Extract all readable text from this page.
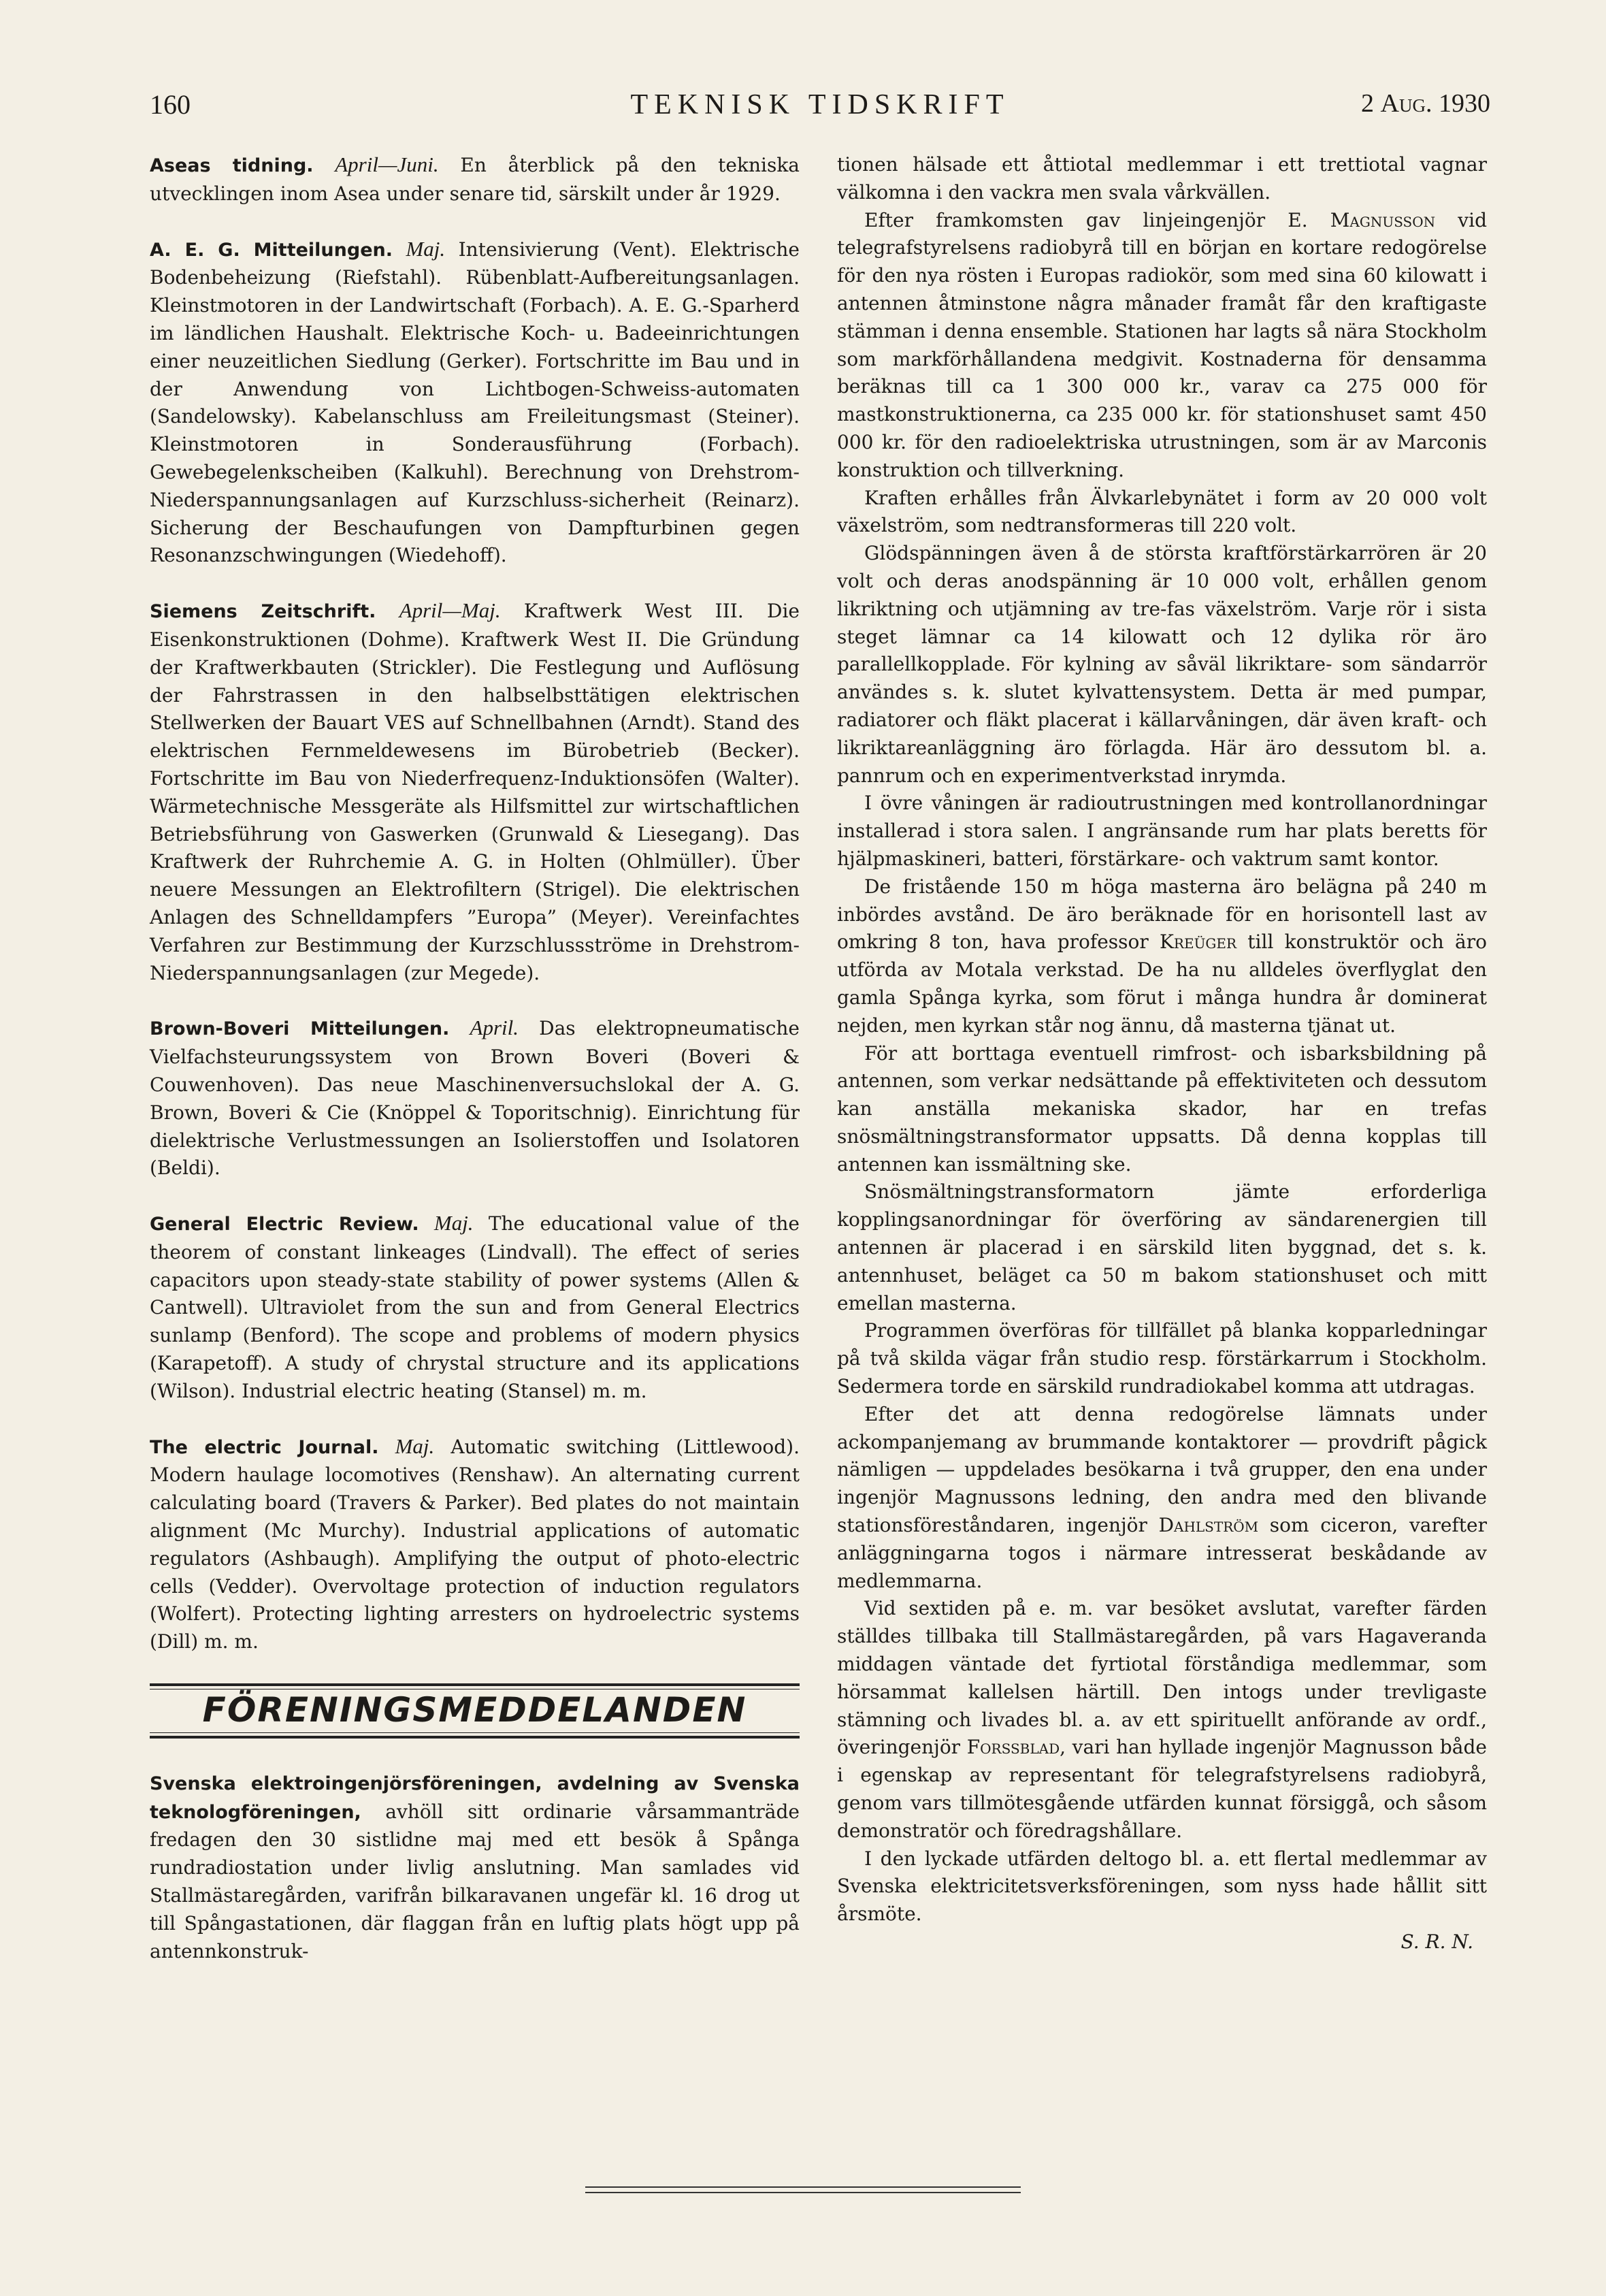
160	TEKNISK TIDSKRIFT	2 Aug. 1930

Aseas tidning. April—Juni. En återblick på den tekniska utvecklingen inom Asea under senare tid, särskilt under år 1929.

A. E. G. Mitteilungen. Maj. Intensivierung (Vent). Elektrische Bodenbeheizung (Riefstahl). Rübenblatt-Aufbereitungsanlagen. Kleinstmotoren in der Landwirtschaft (Forbach). A. E. G.-Sparherd im ländlichen Haushalt. Elektrische Koch- u. Badeeinrichtungen einer neuzeitlichen Siedlung (Gerker). Fortschritte im Bau und in der Anwendung von Lichtbogen-Schweiss-automaten (Sandelowsky). Kabelanschluss am Freileitungsmast (Steiner). Kleinstmotoren in Sonderausführung (Forbach). Gewebegelenkscheiben (Kalkuhl). Berechnung von Drehstrom-Niederspannungsanlagen auf Kurzschluss-sicherheit (Reinarz). Sicherung der Beschaufungen von Dampfturbinen gegen Resonanzschwingungen (Wiedehoff).

Siemens Zeitschrift. April—Maj. Kraftwerk West III. Die Eisenkonstruktionen (Dohme). Kraftwerk West II. Die Gründung der Kraftwerkbauten (Strickler). Die Festlegung und Auflösung der Fahrstrassen in den halbselbsttätigen elektrischen Stellwerken der Bauart VES auf Schnellbahnen (Arndt). Stand des elektrischen Fernmeldewesens im Bürobetrieb (Becker). Fortschritte im Bau von Niederfrequenz-Induktionsöfen (Walter). Wärmetechnische Messgeräte als Hilfsmittel zur wirtschaftlichen Betriebsführung von Gaswerken (Grunwald & Liesegang). Das Kraftwerk der Ruhrchemie A. G. in Holten (Ohlmüller). Über neuere Messungen an Elektrofiltern (Strigel). Die elektrischen Anlagen des Schnelldampfers ”Europa” (Meyer). Vereinfachtes Verfahren zur Bestimmung der Kurzschlussströme in Drehstrom-Niederspannungsanlagen (zur Megede).

Brown-Boveri Mitteilungen. April. Das elektropneumatische Vielfachsteurungssystem von Brown Boveri (Boveri & Couwenhoven). Das neue Maschinenversuchslokal der A. G. Brown, Boveri & Cie (Knöppel & Toporitschnig). Einrichtung für dielektrische Verlustmessungen an Isolierstoffen und Isolatoren (Beldi).

General Electric Review. Maj. The educational value of the theorem of constant linkeages (Lindvall). The effect of series capacitors upon steady-state stability of power systems (Allen & Cantwell). Ultraviolet from the sun and from General Electrics sunlamp (Benford). The scope and problems of modern physics (Karapetoff). A study of chrystal structure and its applications (Wilson). Industrial electric heating (Stansel) m. m.

The electric Journal. Maj. Automatic switching (Littlewood). Modern haulage locomotives (Renshaw). An alternating current calculating board (Travers & Parker). Bed plates do not maintain alignment (Mc Murchy). Industrial applications of automatic regulators (Ashbaugh). Amplifying the output of photo-electric cells (Vedder). Overvoltage protection of induction regulators (Wolfert). Protecting lighting arresters on hydroelectric systems (Dill) m. m.

FÖRENINGSMEDDELANDEN

Svenska elektroingenjörsföreningen, avdelning av Svenska teknologföreningen, avhöll sitt ordinarie vårsammanträde fredagen den 30 sistlidne maj med ett besök å Spånga rundradiostation under livlig anslutning. Man samlades vid Stallmästaregården, varifrån bilkaravanen ungefär kl. 16 drog ut till Spångastationen, där flaggan från en luftig plats högt upp på antennkonstruk-

tionen hälsade ett åttiotal medlemmar i ett trettiotal vagnar välkomna i den vackra men svala vårkvällen.

Efter framkomsten gav linjeingenjör E. Magnusson vid telegrafstyrelsens radiobyrå till en början en kortare redogörelse för den nya rösten i Europas radiokör, som med sina 60 kilowatt i antennen åtminstone några månader framåt får den kraftigaste stämman i denna ensemble. Stationen har lagts så nära Stockholm som markförhållandena medgivit. Kostnaderna för densamma beräknas till ca 1 300 000 kr., varav ca 275 000 för mastkonstruktionerna, ca 235 000 kr. för stationshuset samt 450 000 kr. för den radioelektriska utrustningen, som är av Marconis konstruktion och tillverkning.

Kraften erhålles från Älvkarlebynätet i form av 20 000 volt växelström, som nedtransformeras till 220 volt.

Glödspänningen även å de största kraftförstärkarrören är 20 volt och deras anodspänning är 10 000 volt, erhållen genom likriktning och utjämning av tre-fas växelström. Varje rör i sista steget lämnar ca 14 kilowatt och 12 dylika rör äro parallellkopplade. För kylning av såväl likriktare- som sändarrör användes s. k. slutet kylvattensystem. Detta är med pumpar, radiatorer och fläkt placerat i källarvåningen, där även kraft- och likriktareanläggning äro förlagda. Här äro dessutom bl. a. pannrum och en experimentverkstad inrymda.

I övre våningen är radioutrustningen med kontrollanordningar installerad i stora salen. I angränsande rum har plats beretts för hjälpmaskineri, batteri, förstärkare- och vaktrum samt kontor.

De fristående 150 m höga masterna äro belägna på 240 m inbördes avstånd. De äro beräknade för en horisontell last av omkring 8 ton, hava professor Kreüger till konstruktör och äro utförda av Motala verkstad. De ha nu alldeles överflyglat den gamla Spånga kyrka, som förut i många hundra år dominerat nejden, men kyrkan står nog ännu, då masterna tjänat ut.

För att borttaga eventuell rimfrost- och isbarksbildning på antennen, som verkar nedsättande på effektiviteten och dessutom kan anställa mekaniska skador, har en trefas snösmältningstransformator uppsatts. Då denna kopplas till antennen kan issmältning ske.

Snösmältningstransformatorn jämte erforderliga kopplingsanordningar för överföring av sändarenergien till antennen är placerad i en särskild liten byggnad, det s. k. antennhuset, beläget ca 50 m bakom stationshuset och mitt emellan masterna.

Programmen överföras för tillfället på blanka kopparledningar på två skilda vägar från studio resp. förstärkarrum i Stockholm. Sedermera torde en särskild rundradiokabel komma att utdragas.

Efter det att denna redogörelse lämnats under ackompanjemang av brummande kontaktorer — provdrift pågick nämligen — uppdelades besökarna i två grupper, den ena under ingenjör Magnussons ledning, den andra med den blivande stationsföreståndaren, ingenjör Dahlström som ciceron, varefter anläggningarna togos i närmare intresserat beskådande av medlemmarna.

Vid sextiden på e. m. var besöket avslutat, varefter färden ställdes tillbaka till Stallmästaregården, på vars Hagaveranda middagen väntade det fyrtiotal förståndiga medlemmar, som hörsammat kallelsen härtill. Den intogs under trevligaste stämning och livades bl. a. av ett spirituellt anförande av ordf., överingenjör Forssblad, vari han hyllade ingenjör Magnusson både i egenskap av representant för telegrafstyrelsens radiobyrå, genom vars tillmötesgående utfärden kunnat försiggå, och såsom demonstratör och föredragshållare.

I den lyckade utfärden deltogo bl. a. ett flertal medlemmar av Svenska elektricitetsverksföreningen, som nyss hade hållit sitt årsmöte.

S. R. N.
